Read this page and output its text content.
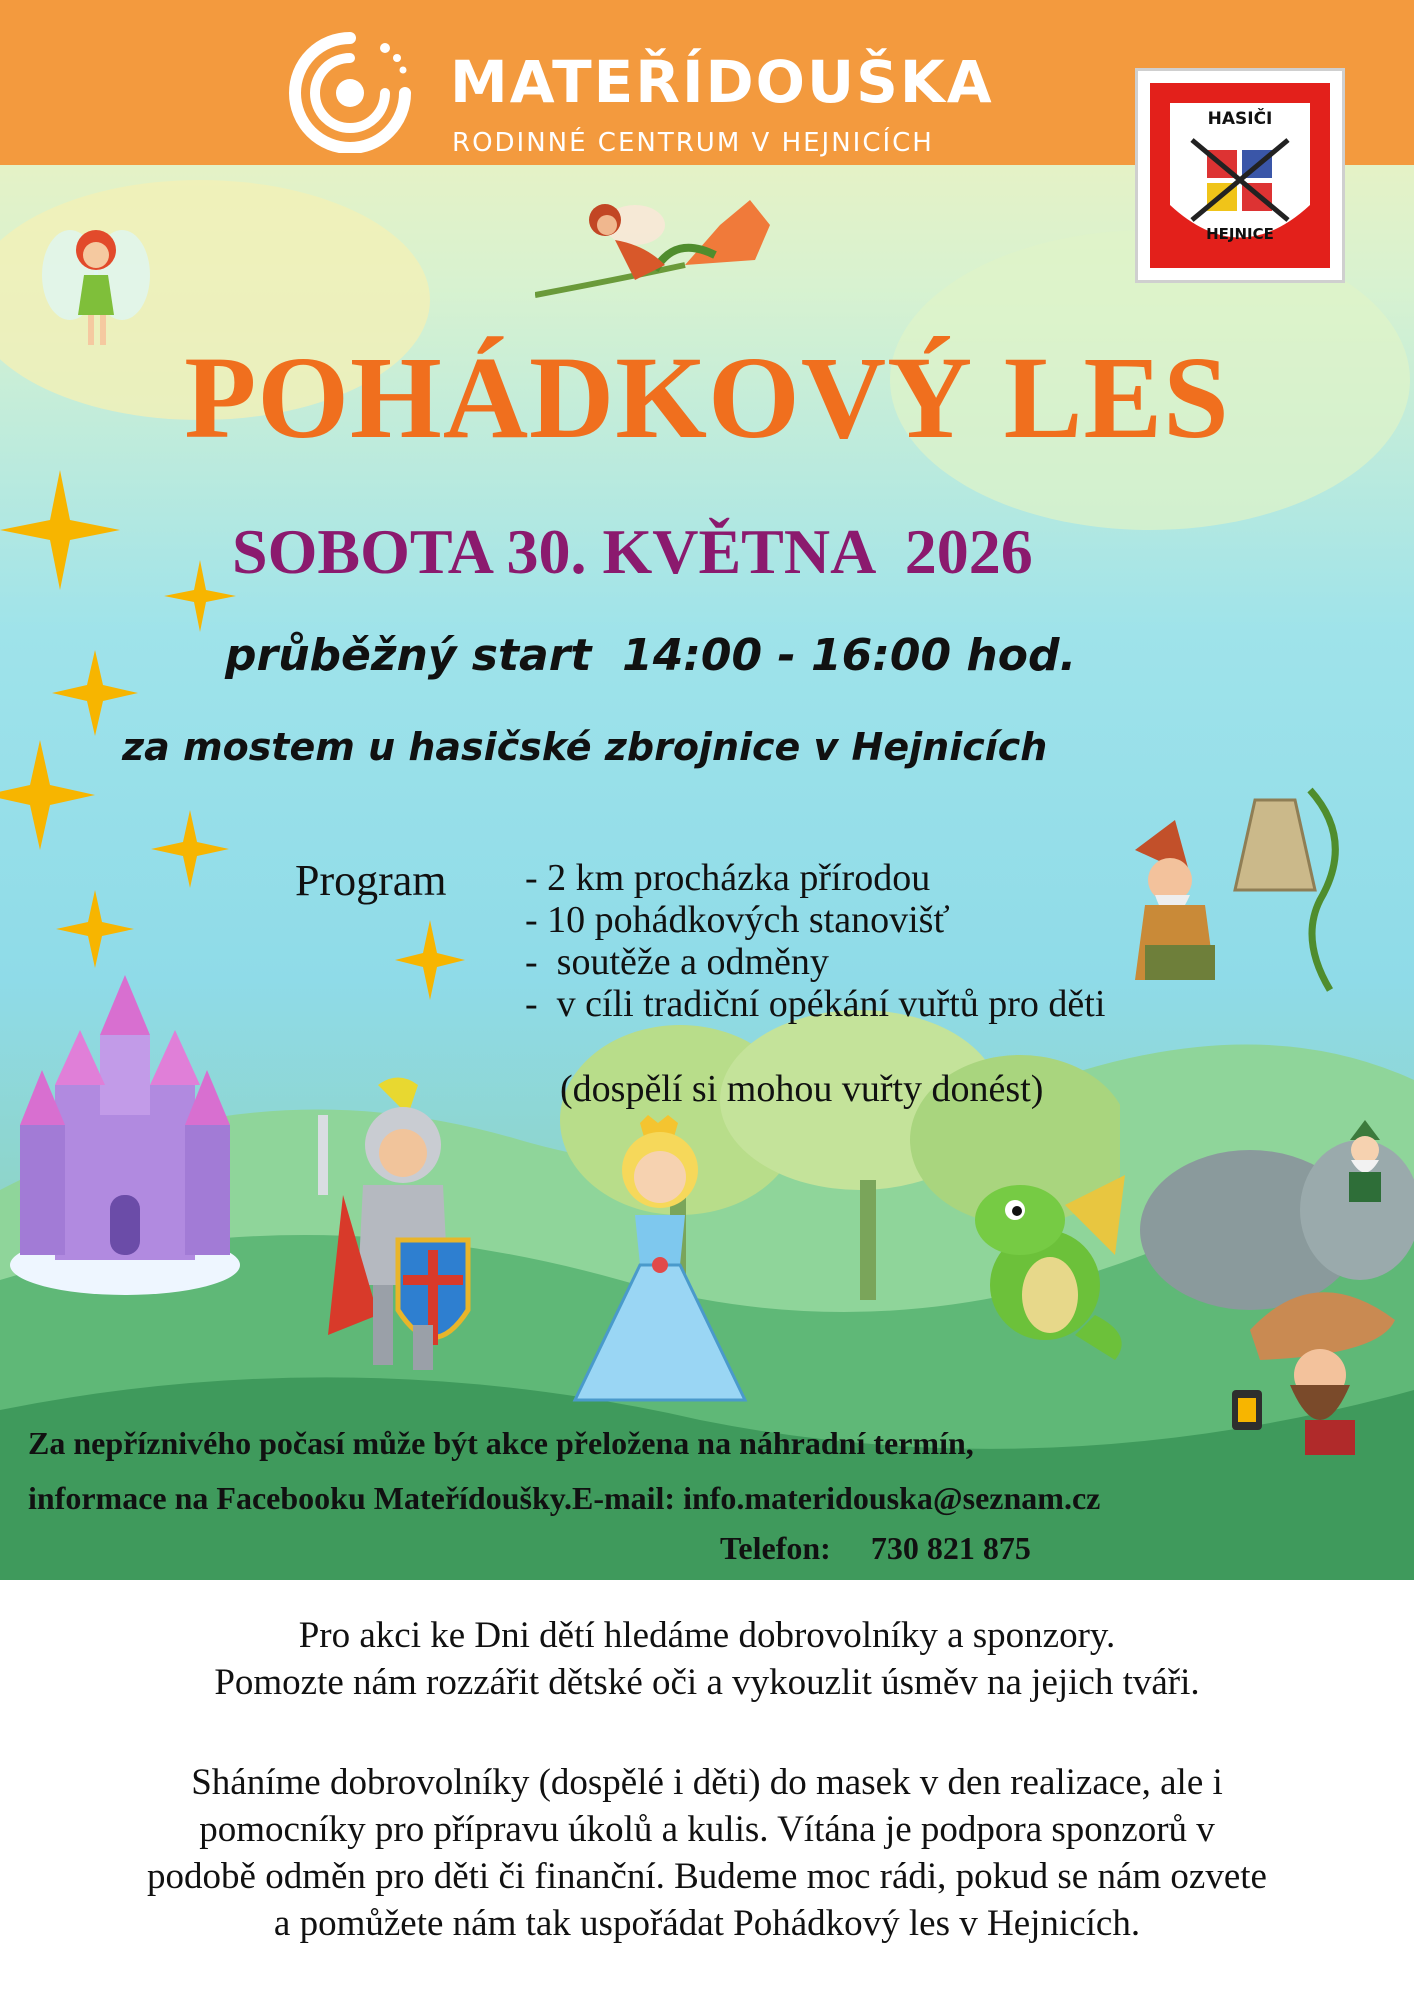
MATEŘÍDOUŠKA
RODINNÉ CENTRUM V HEJNICÍCH
HASIČI
HEJNICE
POHÁDKOVÝ LES
SOBOTA 30. KVĚTNA  2026
průběžný start  14:00 - 16:00 hod.
za mostem u hasičské zbrojnice v Hejnicích
Program - 2 km procházka přírodou
- 10 pohádkových stanovišť
-  soutěže a odměny
-  v cíli tradiční opékání vuřtů pro děti
(dospělí si mohou vuřty donést)
Za nepříznivého počasí může být akce přeložena na náhradní termín,
informace na Facebooku Mateřídoušky.E-mail: info.materidouska@seznam.cz
Telefon:     730 821 875

Pro akci ke Dni dětí hledáme dobrovolníky a sponzory.

Pomozte nám rozzářit dětské oči a vykouzlit úsměv na jejich tváři.

Sháníme dobrovolníky (dospělé i děti) do masek v den realizace, ale i

pomocníky pro přípravu úkolů a kulis. Vítána je podpora sponzorů v

podobě odměn pro děti či finanční. Budeme moc rádi, pokud se nám ozvete

a pomůžete nám tak uspořádat Pohádkový les v Hejnicích.
